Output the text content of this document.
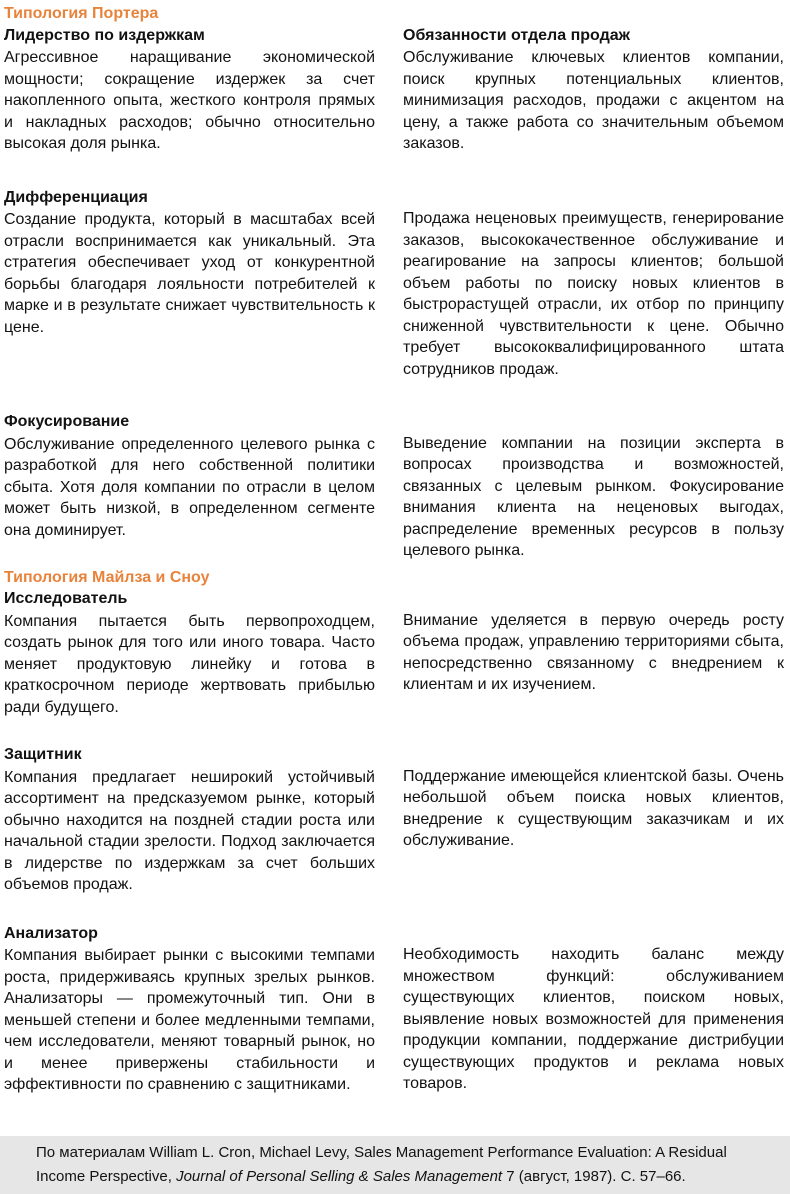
Типология Портера
Лидерство по издержкам

Агрессивное наращивание экономической мощности; сокращение издержек за счет накопленного опыта, жесткого контроля прямых и накладных расходов; обычно относительно высокая доля рынка.

Обязанности отдела продаж

Обслуживание ключевых клиентов компании, поиск крупных потенциальных клиентов, минимизация расходов, продажи с акцентом на цену, а также работа со значительным объемом заказов.

Дифференциация

Создание продукта, который в масштабах всей отрасли воспринимается как уникальный. Эта стратегия обеспечивает уход от конкурентной борьбы благодаря лояльности потребителей к марке и в результате снижает чувствительность к цене.

Продажа неценовых преимуществ, генерирование заказов, высококачественное обслуживание и реагирование на запросы клиентов; большой объем работы по поиску новых клиентов в быстрорастущей отрасли, их отбор по принципу сниженной чувствительности к цене. Обычно требует высококвалифицированного штата сотрудников продаж.

Фокусирование

Обслуживание определенного целевого рынка с разработкой для него собственной политики сбыта. Хотя доля компании по отрасли в целом может быть низкой, в определенном сегменте она доминирует.

Выведение компании на позиции эксперта в вопросах производства и возможностей, связанных с целевым рынком. Фокусирование внимания клиента на неценовых выгодах, распределение временных ресурсов в пользу целевого рынка.

Типология Майлза и Сноу
Исследователь

Компания пытается быть первопроходцем, создать рынок для того или иного товара. Часто меняет продуктовую линейку и готова в краткосрочном периоде жертвовать прибылью ради будущего.

Внимание уделяется в первую очередь росту объема продаж, управлению территориями сбыта, непосредственно связанному с внедрением к клиентам и их изучением.

Защитник

Компания предлагает неширокий устойчивый ассортимент на предсказуемом рынке, который обычно находится на поздней стадии роста или начальной стадии зрелости. Подход заключается в лидерстве по издержкам за счет больших объемов продаж.

Поддержание имеющейся клиентской базы. Очень небольшой объем поиска новых клиентов, внедрение к существующим заказчикам и их обслуживание.

Анализатор

Компания выбирает рынки с высокими темпами роста, придерживаясь крупных зрелых рынков. Анализаторы — промежуточный тип. Они в меньшей степени и более медленными темпами, чем исследователи, меняют товарный рынок, но и менее привержены стабильности и эффективности по сравнению с защитниками.

Необходимость находить баланс между множеством функций: обслуживанием существующих клиентов, поиском новых, выявление новых возможностей для применения продукции компании, поддержание дистрибуции существующих продуктов и реклама новых товаров.

По материалам William L. Cron, Michael Levy, Sales Management Performance Evaluation: A Residual Income Perspective, Journal of Personal Selling & Sales Management 7 (август, 1987). С. 57–66.
